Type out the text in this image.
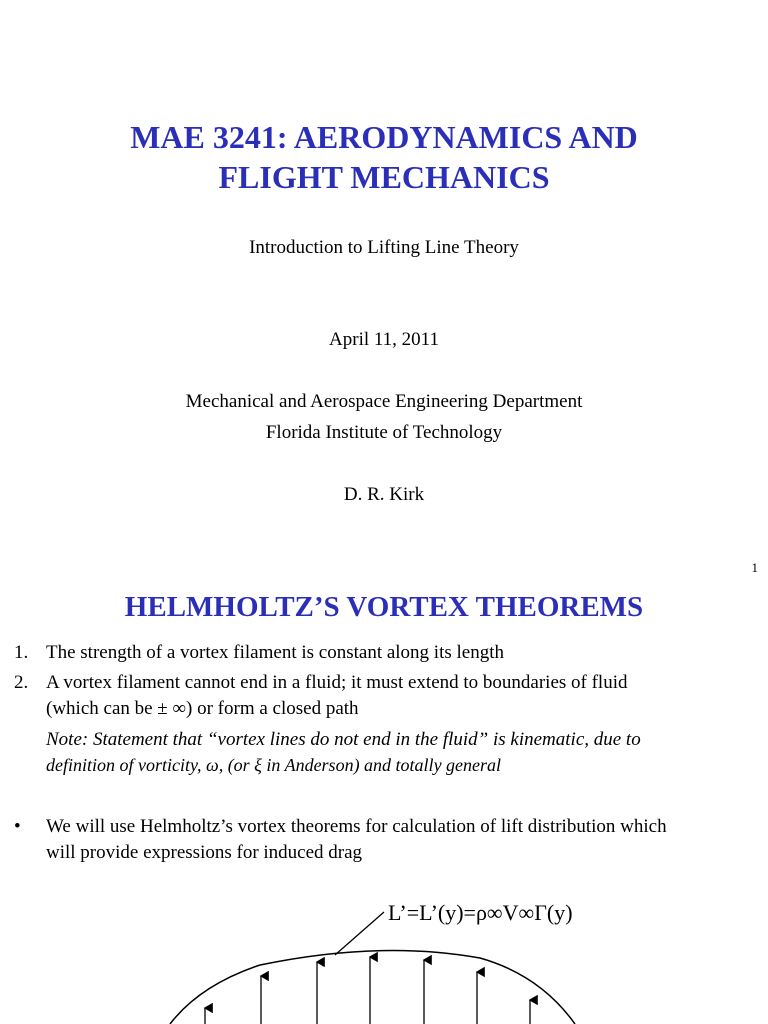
MAE 3241: AERODYNAMICS AND
FLIGHT MECHANICS
Introduction to Lifting Line Theory
April 11, 2011
Mechanical and Aerospace Engineering Department
Florida Institute of Technology
D. R. Kirk
1
HELMHOLTZ’S VORTEX THEOREMS
1. The strength of a vortex filament is constant along its length
2. A vortex filament cannot end in a fluid; it must extend to boundaries of fluid
(which can be ± ∞) or form a closed path
Note: Statement that “vortex lines do not end in the fluid” is kinematic, due to
definition of vorticity, ω, (or ξ in Anderson) and totally general
• We will use Helmholtz’s vortex theorems for calculation of lift distribution which
will provide expressions for induced drag
L’=L’(y)=ρ∞V∞Γ(y)
